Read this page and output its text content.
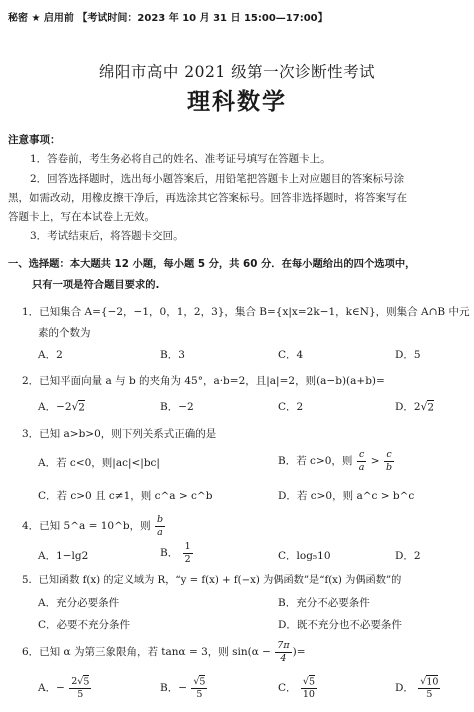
秘密 ★ 启用前 【考试时间：2023 年 10 月 31 日 15:00—17:00】
绵阳市高中 2021 级第一次诊断性考试
理科数学
注意事项：
1．答卷前，考生务必将自己的姓名、准考证号填写在答题卡上。
2．回答选择题时，选出每小题答案后，用铅笔把答题卡上对应题目的答案标号涂
黑，如需改动，用橡皮擦干净后，再选涂其它答案标号。回答非选择题时，将答案写在
答题卡上，写在本试卷上无效。
3．考试结束后，将答题卡交回。
一、选择题：本大题共 12 小题，每小题 5 分，共 60 分．在每小题给出的四个选项中，
只有一项是符合题目要求的.
1．已知集合 A={−2，−1，0，1，2，3}，集合 B={x|x=2k−1，k∈N}，则集合 A∩B 中元
素的个数为
A．2	B．3	C．4	D．5
2．已知平面向量 a 与 b 的夹角为 45°，a·b=2，且|a|=2，则(a−b)(a+b)=
A．−2√2	B．−2	C．2	D．2√2
3．已知 a>b>0，则下列关系式正确的是
A．若 c<0，则|ac|<|bc|	B．若 c>0，则 $\frac{c}{a} > \frac{c}{b}$
C．若 c>0 且 c≠1，则 c^a > c^b	D．若 c>0，则 a^c > b^c
4．已知 5^a = 10^b，则 $\frac{b}{a}$
A．1−lg2	B． $\frac{1}{2}$	C．log₅10	D．2
5．已知函数 f(x) 的定义域为 R，“y = f(x) + f(−x) 为偶函数”是“f(x) 为偶函数”的
A．充分必要条件	B．充分不必要条件
C．必要不充分条件	D．既不充分也不必要条件
6．已知 α 为第三象限角，若 tanα = 3，则 $\sin(\alpha - \frac{7\pi}{4}$ )=
A．− $\frac{2√5}{5}$	B．− $\frac{√5}{5}$	C． $\frac{√5}{10}$	D． $\frac{√10}{5}$
